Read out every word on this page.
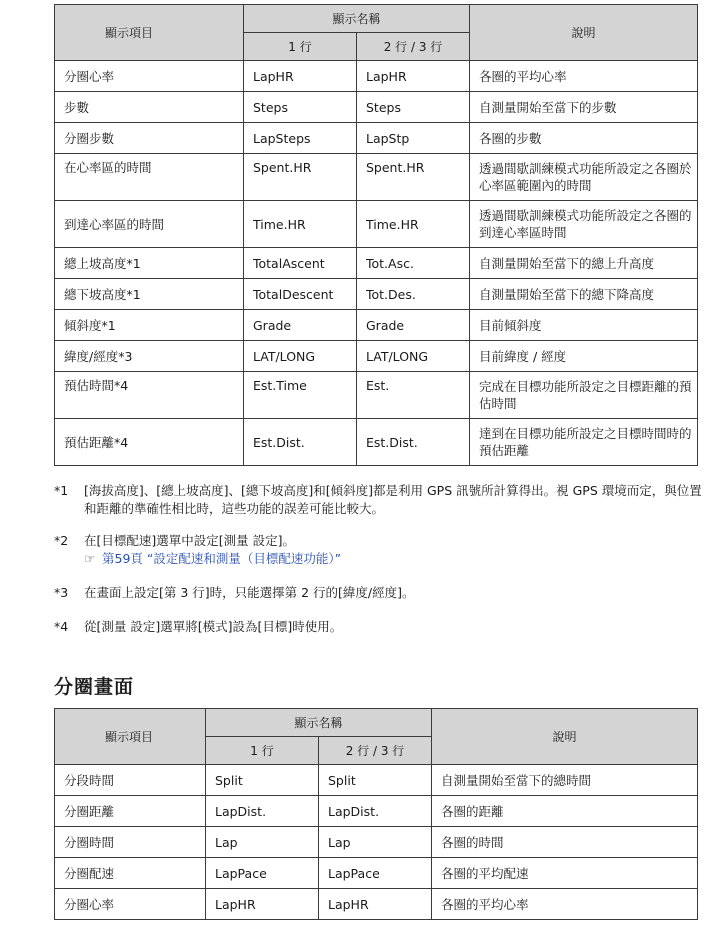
顯示項目	顯示名稱		說明
	1 行	2 行 / 3 行	
分圈心率	LapHR	LapHR	各圈的平均心率
步數	Steps	Steps	自測量開始至當下的步數
分圈步數	LapSteps	LapStp	各圈的步數
在心率區的時間	Spent.HR	Spent.HR	透過間歇訓練模式功能所設定之各圈於心率區範圍內的時間
到達心率區的時間	Time.HR	Time.HR	透過間歇訓練模式功能所設定之各圈的到達心率區時間
總上坡高度*1	TotalAscent	Tot.Asc.	自測量開始至當下的總上升高度
總下坡高度*1	TotalDescent	Tot.Des.	自測量開始至當下的總下降高度
傾斜度*1	Grade	Grade	目前傾斜度
緯度/經度*3	LAT/LONG	LAT/LONG	目前緯度 / 經度
預估時間*4	Est.Time	Est.	完成在目標功能所設定之目標距離的預估時間
預估距離*4	Est.Dist.	Est.Dist.	達到在目標功能所設定之目標時間時的預估距離
*1	[海拔高度]、[總上坡高度]、[總下坡高度]和[傾斜度]都是利用 GPS 訊號所計算得出。視 GPS 環境而定，與位置和距離的準確性相比時，這些功能的誤差可能比較大。
*2	在[目標配速]選單中設定[測量 設定]。
☞ 第59頁 “設定配速和測量（目標配速功能）”
*3	在畫面上設定[第 3 行]時，只能選擇第 2 行的[緯度/經度]。
*4	從[測量 設定]選單將[模式]設為[目標]時使用。
分圈畫面
顯示項目	顯示名稱		說明
	1 行	2 行 / 3 行	
分段時間	Split	Split	自測量開始至當下的總時間
分圈距離	LapDist.	LapDist.	各圈的距離
分圈時間	Lap	Lap	各圈的時間
分圈配速	LapPace	LapPace	各圈的平均配速
分圈心率	LapHR	LapHR	各圈的平均心率
